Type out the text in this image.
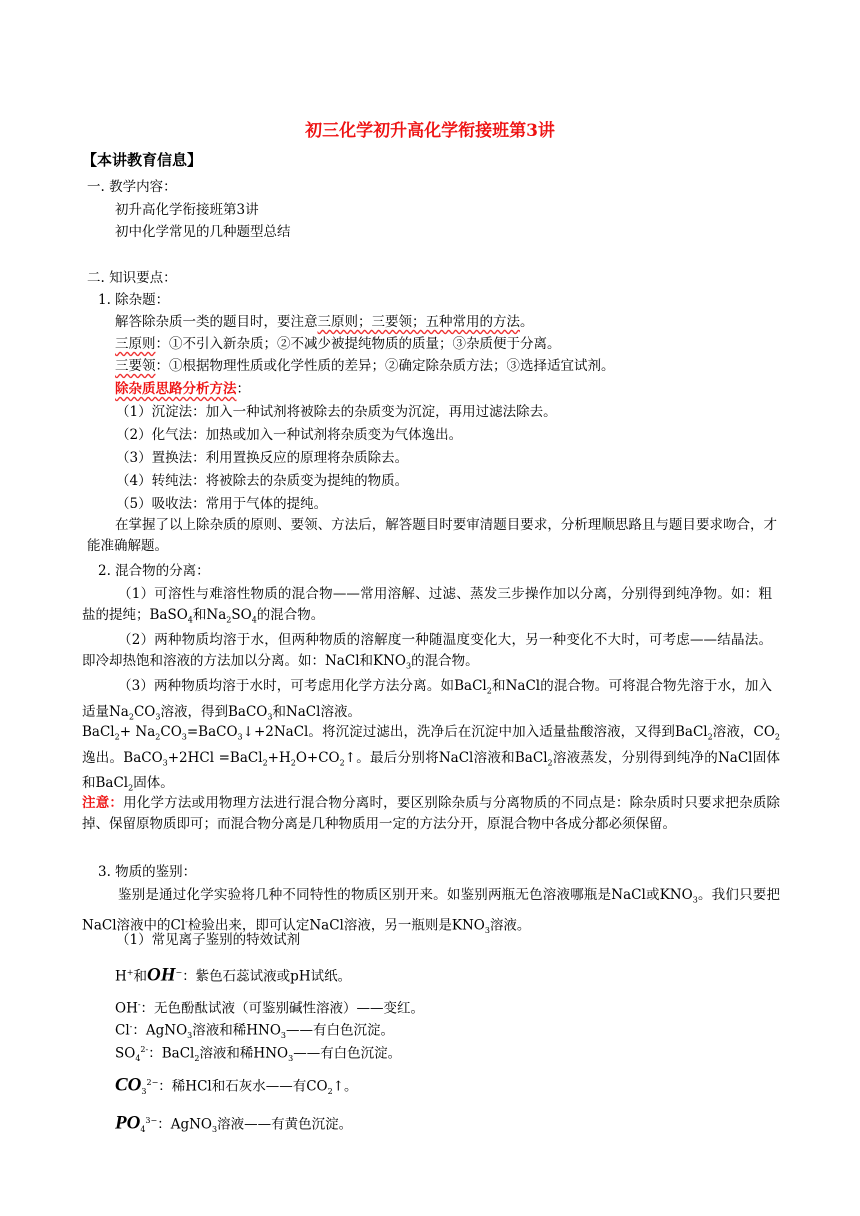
初三化学初升高化学衔接班第3讲
【本讲教育信息】
一. 教学内容：
初升高化学衔接班第3讲
初中化学常见的几种题型总结
二. 知识要点：
1. 除杂题：
解答除杂质一类的题目时，要注意三原则；三要领；五种常用的方法。
三原则：①不引入新杂质；②不减少被提纯物质的质量；③杂质便于分离。
三要领：①根据物理性质或化学性质的差异；②确定除杂质方法；③选择适宜试剂。
除杂质思路分析方法：
（1）沉淀法：加入一种试剂将被除去的杂质变为沉淀，再用过滤法除去。
（2）化气法：加热或加入一种试剂将杂质变为气体逸出。
（3）置换法：利用置换反应的原理将杂质除去。
（4）转纯法：将被除去的杂质变为提纯的物质。
（5）吸收法：常用于气体的提纯。
在掌握了以上除杂质的原则、要领、方法后，解答题目时要审清题目要求，分析理顺思路且与题目要求吻合，才能准确解题。
2. 混合物的分离：
（1）可溶性与难溶性物质的混合物——常用溶解、过滤、蒸发三步操作加以分离，分别得到纯净物。如：粗盐的提纯；BaSO$_4$和$Na_2SO_4$的混合物。
（2）两种物质均溶于水，但两种物质的溶解度一种随温度变化大，另一种变化不大时，可考虑——结晶法。即冷却热饱和溶液的方法加以分离。如：NaCl和$KNO_3$的混合物。
（3）两种物质均溶于水时，可考虑用化学方法分离。如BaCl$_2$和NaCl的混合物。可将混合物先溶于水，加入适量$Na_2CO_3$溶液，得到BaCO$_3$和NaCl溶液。
BaCl$_2$+ $Na_2CO_3=BaCO_3↓+2NaCl$。将沉淀过滤出，洗净后在沉淀中加入适量盐酸溶液，又得到BaCl$_2$溶液，$CO_2$逸出。BaCO$_3$+2HCl $=BaCl_2+H_2O+CO_2↑$。最后分别将NaCl溶液和BaCl$_2$溶液蒸发，分别得到纯净的NaCl固体和BaCl$_2$固体。
注意：用化学方法或用物理方法进行混合物分离时，要区别除杂质与分离物质的不同点是：除杂质时只要求把杂质除掉、保留原物质即可；而混合物分离是几种物质用一定的方法分开，原混合物中各成分都必须保留。
3. 物质的鉴别：
鉴别是通过化学实验将几种不同特性的物质区别开来。如鉴别两瓶无色溶液哪瓶是NaCl或$KNO_3$。我们只要把NaCl溶液中的Cl-检验出来，即可认定NaCl溶液，另一瓶则是$KNO_3$溶液。
（1）常见离子鉴别的特效试剂
H+和OH−：紫色石蕊试液或pH试纸。
OH-：无色酚酞试液（可鉴别碱性溶液）——变红。
Cl-：AgNO$_3$溶液和稀$HNO_3——$有白色沉淀。
$SO_4^{2-}$：BaCl$_2$溶液和稀$HNO_3——$有白色沉淀。
$CO_3^{2-}$：稀HCl和石灰水——有$CO_2↑$。
$PO_4^{3-}$：AgNO$_3$溶液——有黄色沉淀。
